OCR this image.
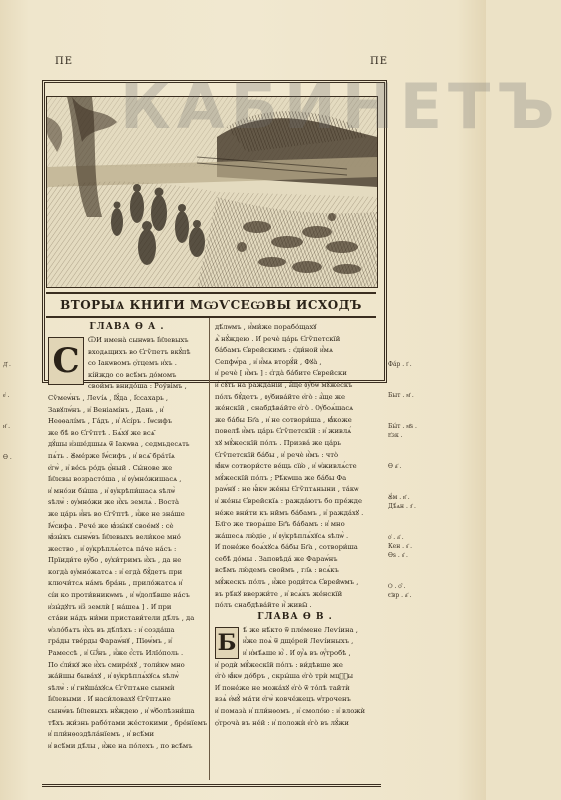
ПE	ПE
КАБИНЕТЪ
ВТОРЫѦ КНИГИ МѠѴСЕѠВЫ ИСХОДЪ
ГЛАВА Ѳ А .
С
ѾИ имена̀ сынѡвъ І҆и҃левыхъ
входѧщихъ во Є҆гѷпетъ вкꙋ́пѣ
со Іакѡвомъ ѻ҆тцемъ и҆хъ .
кі́йждо со всѣ́мъ до́момъ
свои́мъ внидо́ша : Роу́вімъ ,
Сѷмеѡ́нъ , Леѵі́ѧ , І҆ꙋ́да , І҆ссахарь ,
Завꙋлѡ́нъ , и҆ Веніамі́нъ , Дань , и҆
Неѳѳалі́мъ , Га́дъ , и҆ А҆сі́ръ . І҆ѡсифъ
же бѣ̀ во Є҆гѷптѣ . Бѧ́хꙋ же всѧ̑
дꙋ́шы и҆зше́дшыѧ ѿ Іакѡва , седмьдесѧть
пѧ́ть . Ꙋ҆ме́рже І҆ѡ́сифъ , и҆ всѧ̑ бра́тїѧ
е҆гѡ̀ , и҆ ве́сь ро́дъ ѻ҆́ный . Сы́нове же
І҆и҃лєвы возрасто́ша , и҆ ᲂу҆мно́жишасѧ ,
и҆ мно́зи бы́ша , и҆ ᲂу҆крѣпи́шасѧ ѕѣлѡ̀
ѕѣлѡ̀ : ᲂу҆мно́жи же и҆̀хъ землѧ̀ . Воста̀
же ца́рь и҆́нъ во Є҆гѷптѣ , и҆́же не зна́ше
І҆ѡ́сифа . Рече́ же ꙗ҆зы́кꙋ свое́мꙋ : сѐ
ꙗ҆зы́къ сынѡ́въ І҆и҃левыхъ вели́кое мно́
жество , и҆ ᲂу҆крѣплѧ́етсѧ па́че на́съ :
Прїиди́те ᲂу҆̀бо , ᲂу҆хи́тримъ и҆̀хъ , да не
когда̀ ᲂу҆мно́жатсѧ : и҆ егда̀ бꙋ́детъ при
ключи́тсѧ на́мъ бра́нь , прило́жатсѧ и҆
сі́и ко проти́вникѡмъ , и҆ ѡ҆долѣ́вше на́съ
и҆зы́дꙋтъ и҆з̾ землѝ [ на́шеѧ ] . И҆ при
ста́ви на́дъ ни́ми пристави́тели дѣ́лъ , да
ѡ҆зло́бѧтъ и҆̀хъ въ дѣ́лѣхъ : и҆ созда́ша
гра́ды тве́рды Фараѡ́нꙋ , Пїѳѡ́мъ , и҆
Рамессѣ , и҆ Ѡ҆́нъ , и҆́же є҆́сть Илїо́поль .
По є҆ли́кꙋ же и҆̀хъ смире́хꙋ , толи́кѡ мно
жа́йшы быва́хꙋ , и҆ ᲂу҆крѣплѧ́хꙋсѧ ѕѣлѡ̀
ѕѣлѡ̀ : и҆ гнꙋша́хꙋсѧ Є҆гѷптѧне сынмѝ
І҆и҃левыми . И҆ наси́ловахꙋ Є҆гѷптѧне
сынѡ́въ І҆и҃левыхъ нꙋ́ждею , и҆ ѡ҆болѣзни́ша
тѣ̑хъ жи́знь рабо́тами же́стокими , бре́нїемъ
и҆ пли́нѳоздѣла́нїемъ , и҆ всѣ́ми
и҆ всѣ́ми дѣ́лы , и҆̀же на по́лехъ , по всѣ́мъ
дѣ́лѡмъ , и҆́ми́же порабо́щахꙋ
ѧ҆̀ нꙋ́ждею . И҆ речѐ ца́рь Є҆гѷпетскїй
ба́бамъ Є҆врейскимъ : є҆ди́ной и҆́мѧ
Сепфѡ́ра , и҆ и҆́мѧ вторꙋ́й , Фꙋа̀ ,
и҆ речѐ [ и҆̀мъ ] : є҆гда̀ ба́бите Є҆врейски
и҆ сꙋ́ть на ражда́нїи , а҆́ще ᲂу҆́бѡ мꙋ́жескъ
по́лъ бꙋ́детъ , ᲂу҆бива́йте е҆го̀ : а҆́ще же
же́нскїй , снабдѣва́йте е҆го̀ . Ѹ҆боѧ́шасѧ
же ба́бы Бг҃а , и҆ не сотвори́ша , ꙗ҆́коже
повелѣ̀ и҆̀мъ ца́рь Є҆гѷпетскїй : и҆ живлѧ́
хꙋ мꙋ́жескїй по́лъ . Призва́ же ца́рь
Є҆гѷпетскїй ба́бы , и҆ речѐ и҆̀мъ : что̀
ꙗ҆́кѡ сотвори́сте ве́щь сїю̀ , и҆ ѡ҆живлѧ́сте
мꙋ́жескїй по́лъ ; Рѣ́кѡша же ба́бы Фа
раѡ́нꙋ : не ꙗ҆́кѡ же́ны Є҆гѷптѧныни , та́кѡ
и҆ же́ны Є҆врейскїѧ : ражда́ютъ бо пре́жде
не́же вни́ти къ ни̑мъ ба́бамъ , и҆ ражда́хꙋ .
Бл҃го же творѧ́ше Бг҃ъ ба́бамъ : и҆ мно
жа́шесѧ лю́діе , и҆ ᲂу҆крѣплѧ́хꙋсѧ ѕѣлѡ̀ .
И҆ поне́же боѧ́хꙋсѧ ба́бы Бг҃а , сотвори́ша
себѣ̀ до́мы . Заповѣда́ же Фараѡ́нъ
всѣ̑мъ лю́демъ свои̑мъ , гл҃ѧ : всѧ́къ
мꙋ́жескъ по́лъ , и҆́же роди́тсѧ Є҆врейѡмъ ,
въ рѣ́кꙋ ввержи́те , и҆ всѧ́къ же́нскїй
по́лъ снабдѣва́йте и҆̀ живы̑ .
ГЛАВА Ѳ В .
Б ѣ́ же нѣ́кто ѿ пле́мене Леѵі́ина ,
и҆́же поѧ̀ ѿ дще́рей Леѵі́иныхъ ,
и҆ и҆мѣ́ѧше ю҆̀ . И҆ ᲂу҆́ѧ въ ѹ҆́тробѣ ,
и҆ родѝ мꙋ́жескїй по́лъ : ви́дѣвше же
е҆го̀ ꙗ҆́кѡ до́бръ , скры́ша е҆го̀ трѝ мцⷭ҇ы
И҆ поне́же не можа́хꙋ е҆го̀ ѿ то́лѣ тайтѝ
взѧ̀ е҆мꙋ̀ ма́ти е҆гѡ̀ ковче́жецъ ѡ҆троченъ
и҆ помаза̀ и҆ пли́нѳомъ , и҆ смоло́ю : и҆ вложѝ
ѻ҆троча̀ въ не́й : и҆ положѝ е҆го̀ въ лꙋ́жи
Д҃ .
е҆ .
н҃ .
Ѳ .
Фа́р . і҃ .
Быт . м҃ .
Бы́т . м҃ѕ .
Е҆зк .
Ѳ а҃ .
Ꙋ҆́м . в҃ .
Дѣ́ѧн . з҃ .
ѻ҆ . а҃ .
Кен . ѕ҃ .
Ѳѕ . ѕ҃ .
Ѻ . ѻ̑ .
Є҆вр . а҃ .
